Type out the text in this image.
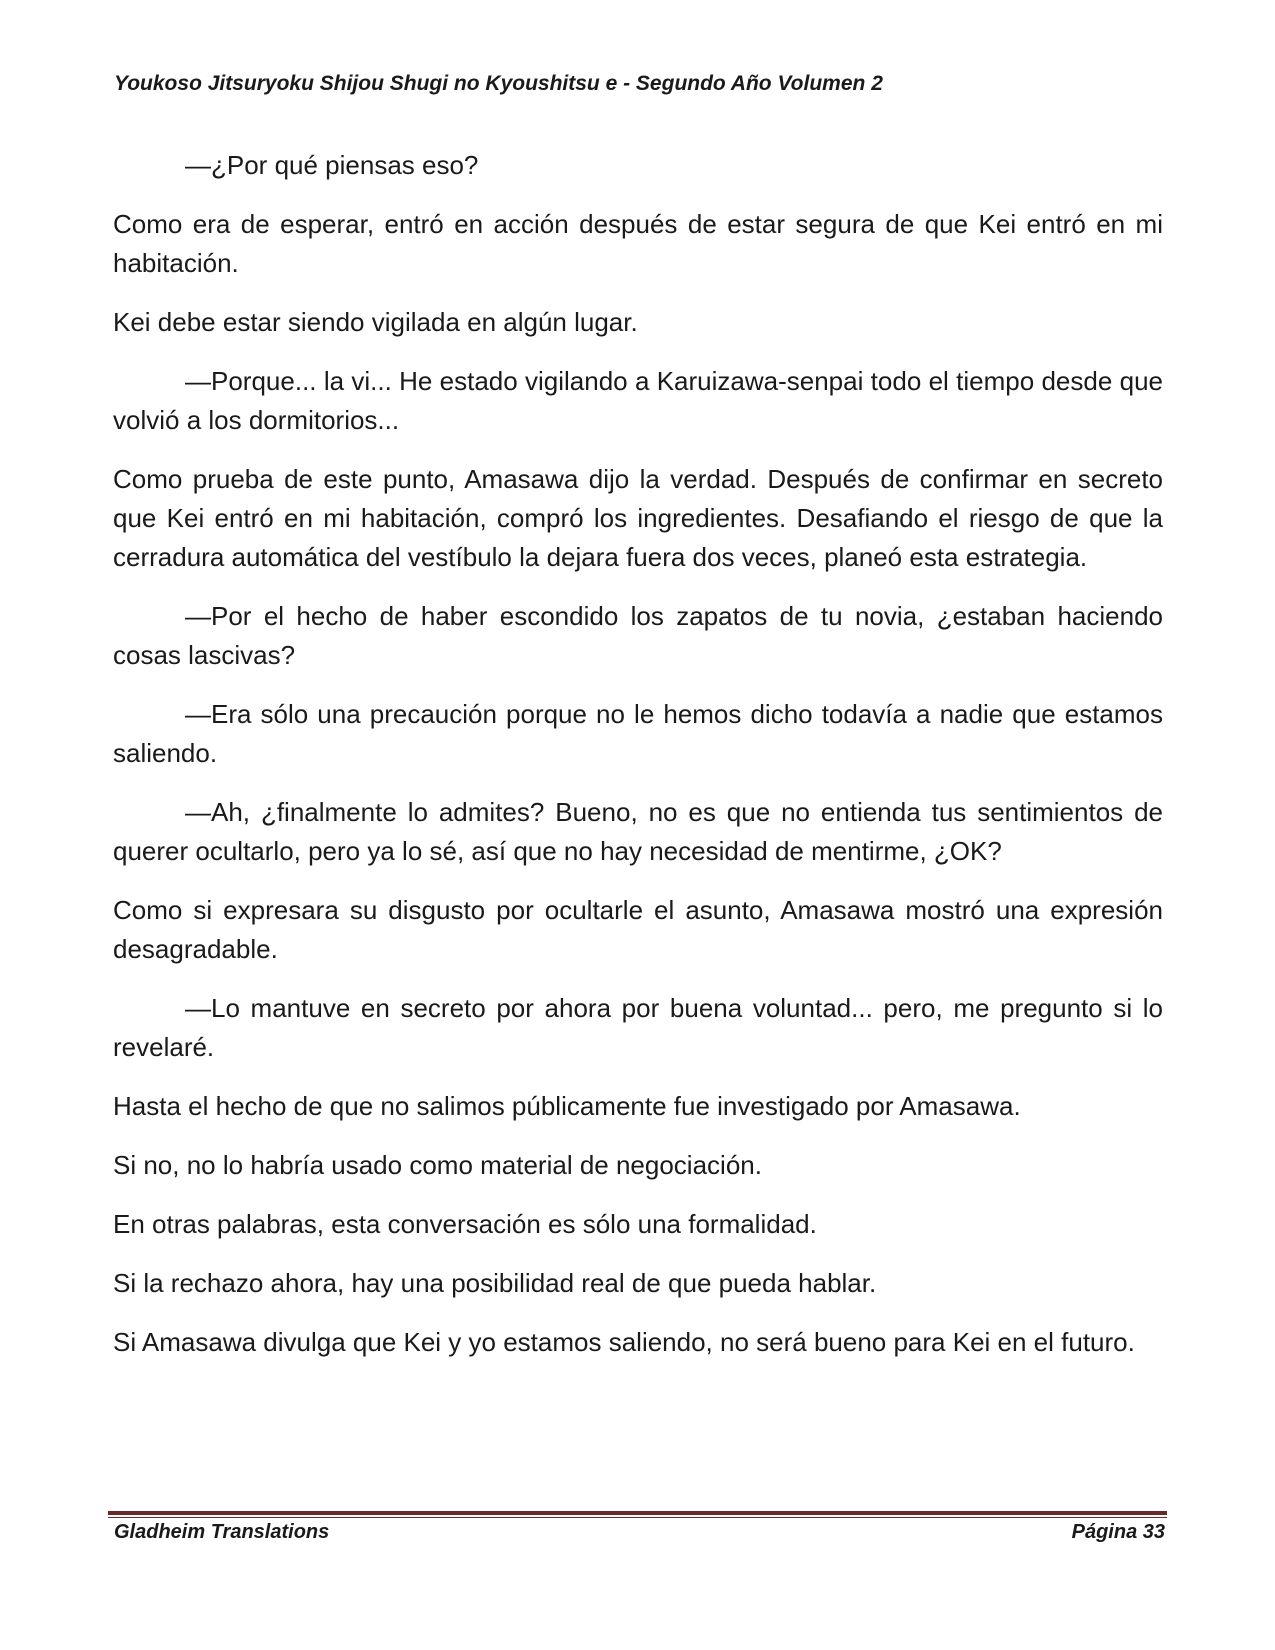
Youkoso Jitsuryoku Shijou Shugi no Kyoushitsu e - Segundo Año Volumen 2

—¿Por qué piensas eso?

Como era de esperar, entró en acción después de estar segura de que Kei entró en mi habitación.

Kei debe estar siendo vigilada en algún lugar.

—Porque... la vi... He estado vigilando a Karuizawa-senpai todo el tiempo desde que volvió a los dormitorios...

Como prueba de este punto, Amasawa dijo la verdad. Después de confirmar en secreto que Kei entró en mi habitación, compró los ingredientes. Desafiando el riesgo de que la cerradura automática del vestíbulo la dejara fuera dos veces, planeó esta estrategia.

—Por el hecho de haber escondido los zapatos de tu novia, ¿estaban haciendo cosas lascivas?

—Era sólo una precaución porque no le hemos dicho todavía a nadie que estamos saliendo.

—Ah, ¿finalmente lo admites? Bueno, no es que no entienda tus sentimientos de querer ocultarlo, pero ya lo sé, así que no hay necesidad de mentirme, ¿OK?

Como si expresara su disgusto por ocultarle el asunto, Amasawa mostró una expresión desagradable.

—Lo mantuve en secreto por ahora por buena voluntad... pero, me pregunto si lo revelaré.

Hasta el hecho de que no salimos públicamente fue investigado por Amasawa.

Si no, no lo habría usado como material de negociación.

En otras palabras, esta conversación es sólo una formalidad.

Si la rechazo ahora, hay una posibilidad real de que pueda hablar.

Si Amasawa divulga que Kei y yo estamos saliendo, no será bueno para Kei en el futuro.

Gladheim Translations	Página 33
